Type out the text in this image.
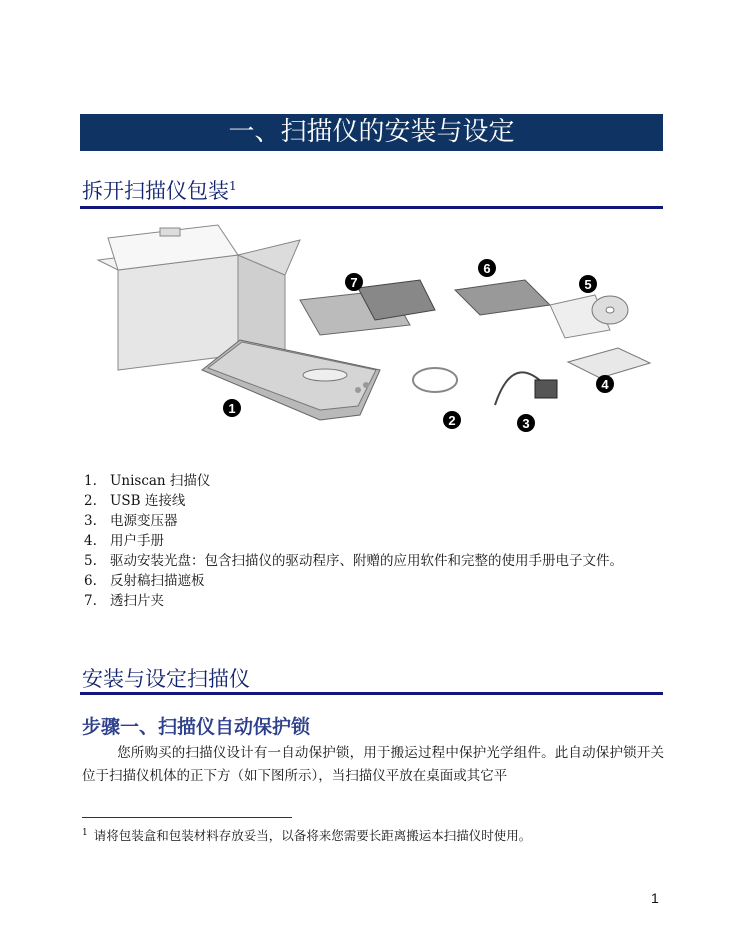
一、扫描仪的安装与设定
拆开扫描仪包装$^1$
1
2	3
4
5
6
7
1. Uniscan 扫描仪
2. USB 连接线
3. 电源变压器
4. 用户手册
5. 驱动安装光盘：包含扫描仪的驱动程序、附赠的应用软件和完整的使用手册电子文件。
6. 反射稿扫描遮板
7. 透扫片夹
安装与设定扫描仪
步骤一、扫描仪自动保护锁
您所购买的扫描仪设计有一自动保护锁，用于搬运过程中保护光学组件。此自动保护锁开关位于扫描仪机体的正下方（如下图所示），当扫描仪平放在桌面或其它平
$^1$ 请将包装盒和包装材料存放妥当，以备将来您需要长距离搬运本扫描仪时使用。
1
